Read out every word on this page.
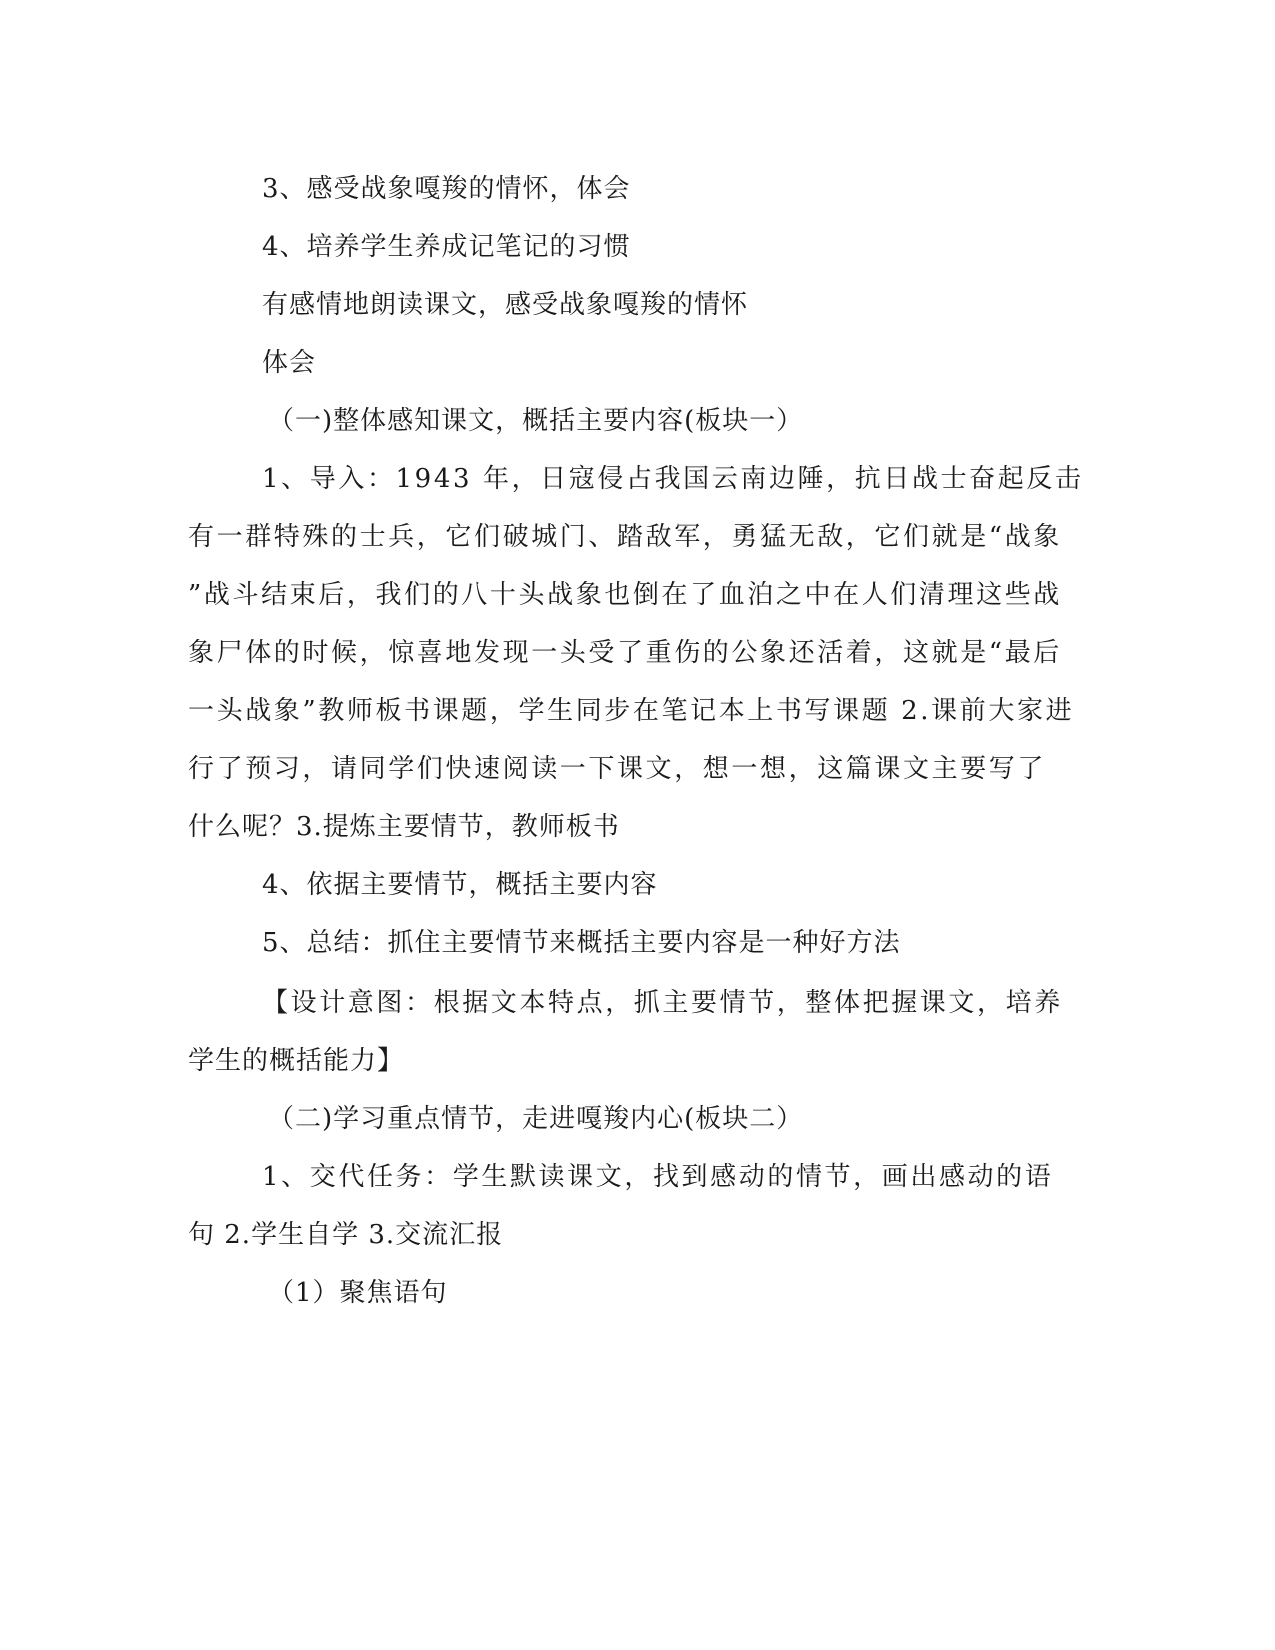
3、感受战象嘎羧的情怀，体会
4、培养学生养成记笔记的习惯
有感情地朗读课文，感受战象嘎羧的情怀
体会
（一)整体感知课文，概括主要内容(板块一）
1、导入：1943 年，日寇侵占我国云南边陲，抗日战士奋起反击
有一群特殊的士兵，它们破城门、踏敌军，勇猛无敌，它们就是“战象
”战斗结束后，我们的八十头战象也倒在了血泊之中在人们清理这些战
象尸体的时候，惊喜地发现一头受了重伤的公象还活着，这就是“最后
一头战象”教师板书课题，学生同步在笔记本上书写课题 2.课前大家进
行了预习，请同学们快速阅读一下课文，想一想，这篇课文主要写了
什么呢？3.提炼主要情节，教师板书
4、依据主要情节，概括主要内容
5、总结：抓住主要情节来概括主要内容是一种好方法
【设计意图：根据文本特点，抓主要情节，整体把握课文，培养
学生的概括能力】
（二)学习重点情节，走进嘎羧内心(板块二）
1、交代任务：学生默读课文，找到感动的情节，画出感动的语
句 2.学生自学 3.交流汇报
（1）聚焦语句
